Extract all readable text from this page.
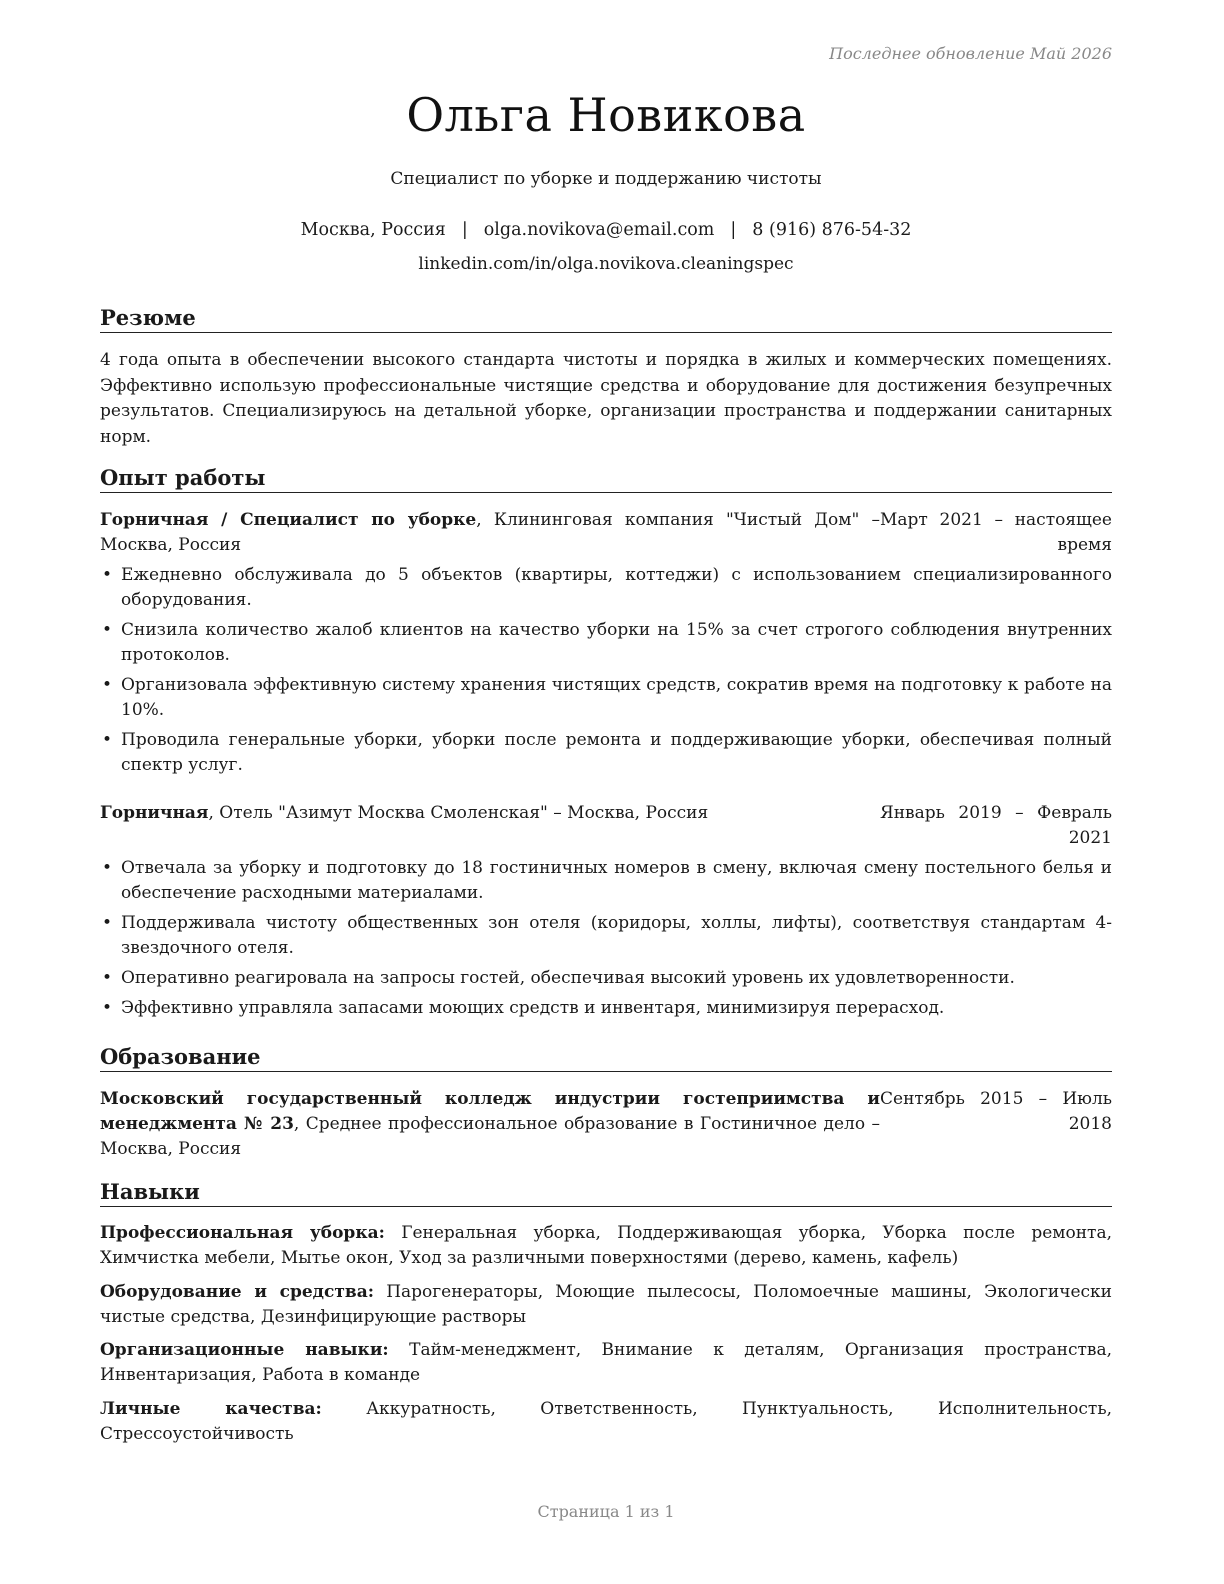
Последнее обновление Май 2026
Ольга Новикова
Специалист по уборке и поддержанию чистоты
Москва, Россия | olga.novikova@email.com | 8 (916) 876-54-32
linkedin.com/in/olga.novikova.cleaningspec
Резюме
4 года опыта в обеспечении высокого стандарта чистоты и порядка в жилых и коммерческих помещениях. Эффективно использую профессиональные чистящие средства и оборудование для достижения безупречных результатов. Специализируюсь на детальной уборке, организации пространства и поддержании санитарных норм.
Опыт работы
Горничная / Специалист по уборке, Клининговая компания "Чистый Дом" – Москва, Россия
Март 2021 – настоящее время
• Ежедневно обслуживала до 5 объектов (квартиры, коттеджи) с использованием специализированного оборудования.
• Снизила количество жалоб клиентов на качество уборки на 15% за счет строгого соблюдения внутренних протоколов.
• Организовала эффективную систему хранения чистящих средств, сократив время на подготовку к работе на 10%.
• Проводила генеральные уборки, уборки после ремонта и поддерживающие уборки, обеспечивая полный спектр услуг.
Горничная, Отель "Азимут Москва Смоленская" – Москва, Россия	Январь 2019 – Февраль 2021
• Отвечала за уборку и подготовку до 18 гостиничных номеров в смену, включая смену постельного белья и обеспечение расходными материалами.
• Поддерживала чистоту общественных зон отеля (коридоры, холлы, лифты), соответствуя стандартам 4-звездочного отеля.
• Оперативно реагировала на запросы гостей, обеспечивая высокий уровень их удовлетворенности.
• Эффективно управляла запасами моющих средств и инвентаря, минимизируя перерасход.
Образование
Московский государственный колледж индустрии гостеприимства и менеджмента № 23, Среднее профессиональное образование в Гостиничное дело – Москва, Россия
Сентябрь 2015 – Июль 2018
Навыки
Профессиональная уборка: Генеральная уборка, Поддерживающая уборка, Уборка после ремонта, Химчистка мебели, Мытье окон, Уход за различными поверхностями (дерево, камень, кафель)
Оборудование и средства: Парогенераторы, Моющие пылесосы, Поломоечные машины, Экологически чистые средства, Дезинфицирующие растворы
Организационные навыки: Тайм-менеджмент, Внимание к деталям, Организация пространства, Инвентаризация, Работа в команде
Личные качества:	Аккуратность, Ответственность, Пунктуальность, Исполнительность, Стрессоустойчивость
Страница 1 из 1
